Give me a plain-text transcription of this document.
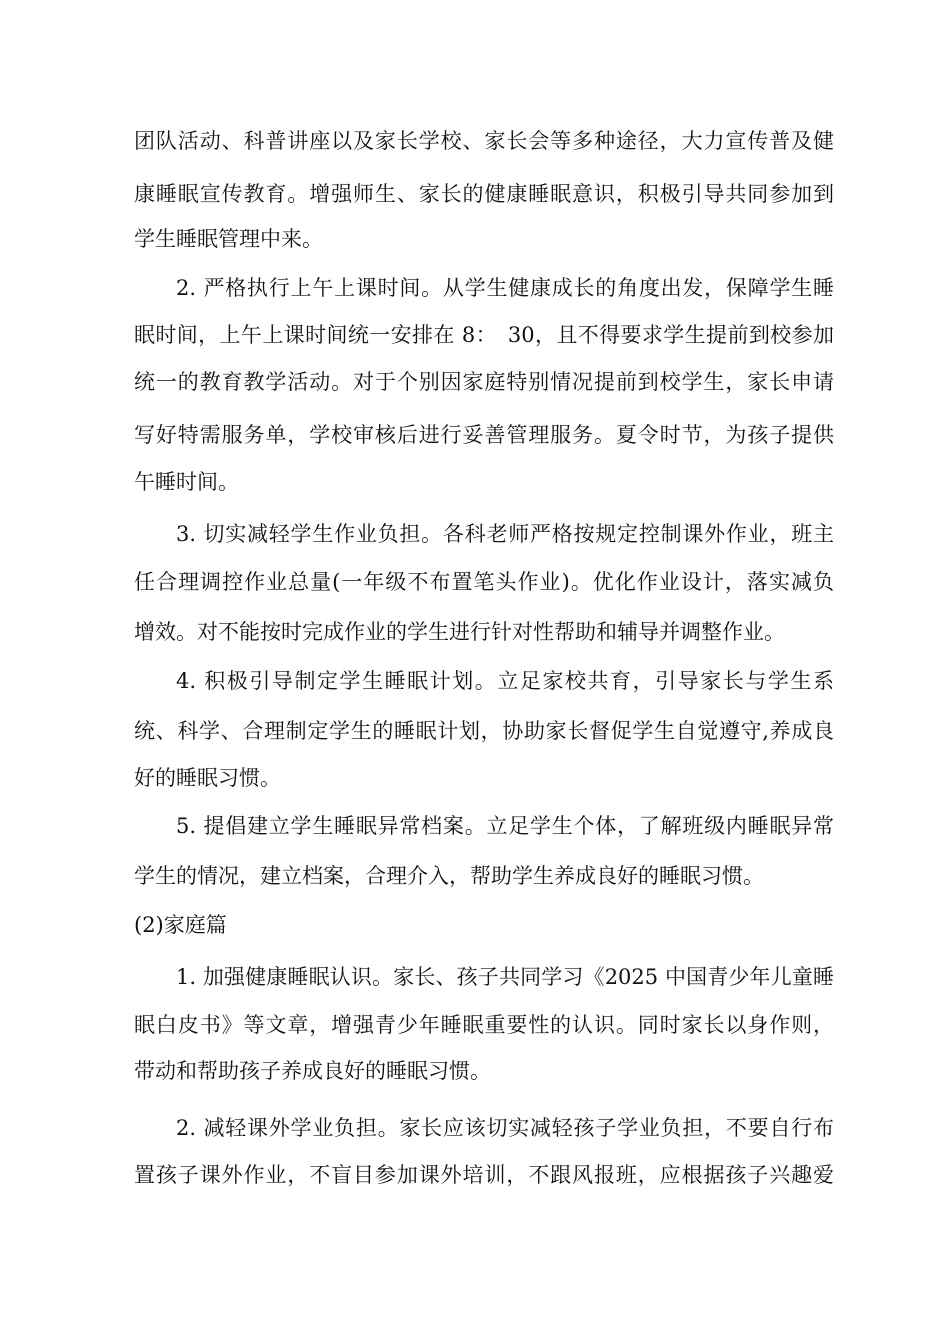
团队活动、科普讲座以及家长学校、家长会等多种途径，大力宣传普及健
康睡眠宣传教育。增强师生、家长的健康睡眠意识，积极引导共同参加到
学生睡眠管理中来。
2. 严格执行上午上课时间。从学生健康成长的角度出发，保障学生睡
眠时间，上午上课时间统一安排在 8：　30，且不得要求学生提前到校参加
统一的教育教学活动。对于个别因家庭特别情况提前到校学生，家长申请
写好特需服务单，学校审核后进行妥善管理服务。夏令时节，为孩子提供
午睡时间。
3. 切实减轻学生作业负担。各科老师严格按规定控制课外作业，班主
任合理调控作业总量(一年级不布置笔头作业)。优化作业设计，落实减负
增效。对不能按时完成作业的学生进行针对性帮助和辅导并调整作业。
4. 积极引导制定学生睡眠计划。立足家校共育，引导家长与学生系
统、科学、合理制定学生的睡眠计划，协助家长督促学生自觉遵守,养成良
好的睡眠习惯。
5. 提倡建立学生睡眠异常档案。立足学生个体，了解班级内睡眠异常
学生的情况，建立档案，合理介入，帮助学生养成良好的睡眠习惯。
(2)家庭篇
1. 加强健康睡眠认识。家长、孩子共同学习《2025 中国青少年儿童睡
眠白皮书》等文章，增强青少年睡眠重要性的认识。同时家长以身作则，
带动和帮助孩子养成良好的睡眠习惯。
2. 减轻课外学业负担。家长应该切实减轻孩子学业负担，不要自行布
置孩子课外作业，不盲目参加课外培训，不跟风报班，应根据孩子兴趣爱
